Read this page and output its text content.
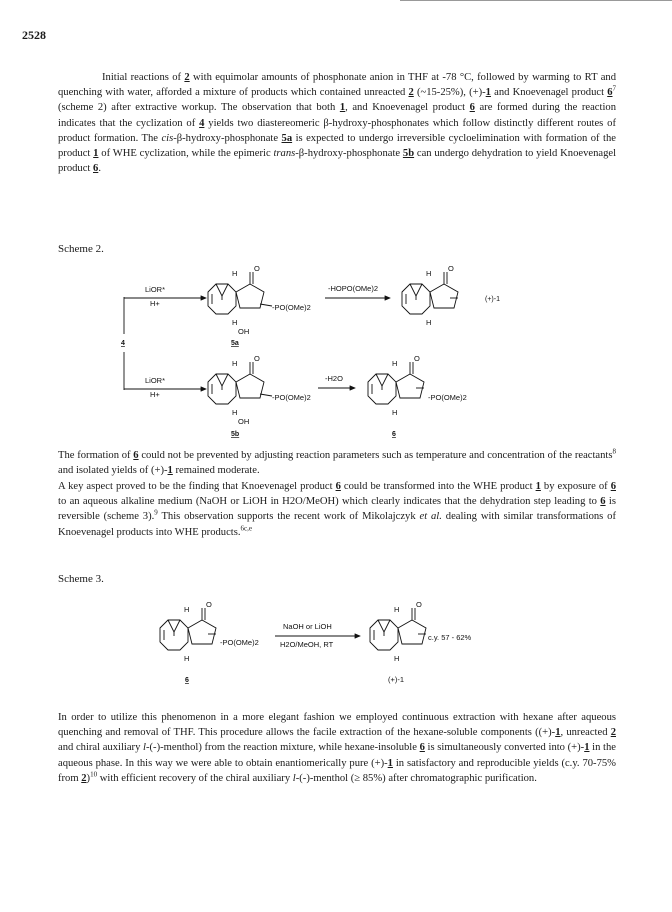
2528

Initial reactions of 2 with equimolar amounts of phosphonate anion in THF at -78 °C, followed by warming to RT and quenching with water, afforded a mixture of products which contained unreacted 2 (~15-25%), (+)-1 and Knoevenagel product $6^7$ (scheme 2) after extractive workup. The observation that both 1, and Knoevenagel product 6 are formed during the reaction indicates that the cyclization of 4 yields two diastereomeric β-hydroxy-phosphonates which follow distinctly different routes of product formation. The cis-β-hydroxy-phosphonate 5a is expected to undergo irreversible cycloelimination with formation of the product 1 of WHE cyclization, while the epimeric trans-β-hydroxy-phosphonate 5b can undergo dehydration to yield Knoevenagel product 6.

Scheme 2.

4
LiOR*
H+
LiOR*
H+
H
O
H
OH
-PO(OMe)2
5a
-HOPO(OMe)2
H
O
H
(+)-1
H
O
H
OH
-PO(OMe)2
5b
-H2O
H
O
H
-PO(OMe)2
6

The formation of 6 could not be prevented by adjusting reaction parameters such as temperature and concentration of the reactants$^8$ and isolated yields of (+)-1 remained moderate.

A key aspect proved to be the finding that Knoevenagel product 6 could be transformed into the WHE product 1 by exposure of 6 to an aqueous alkaline medium (NaOH or LiOH in H2O/MeOH) which clearly indicates that the dehydration step leading to 6 is reversible (scheme 3).$^9$ This observation supports the recent work of Mikolajczyk et al. dealing with similar transformations of Knoevenagel products into WHE products.$^{6c,e}$

Scheme 3.

H
O
H
-PO(OMe)2
6
NaOH or LiOH
H2O/MeOH, RT
H
O
H
c.y. 57 - 62%
(+)-1

In order to utilize this phenomenon in a more elegant fashion we employed continuous extraction with hexane after aqueous quenching and removal of THF. This procedure allows the facile extraction of the hexane-soluble components ((+)-1, unreacted 2 and chiral auxiliary l-(-)-menthol) from the reaction mixture, while hexane-insoluble 6 is simultaneously converted into (+)-1 in the aqueous phase. In this way we were able to obtain enantiomerically pure (+)-1 in satisfactory and reproducible yields (c.y. 70-75% from 2)$^{10}$ with efficient recovery of the chiral auxiliary l-(-)-menthol (≥ 85%) after chromatographic purification.
